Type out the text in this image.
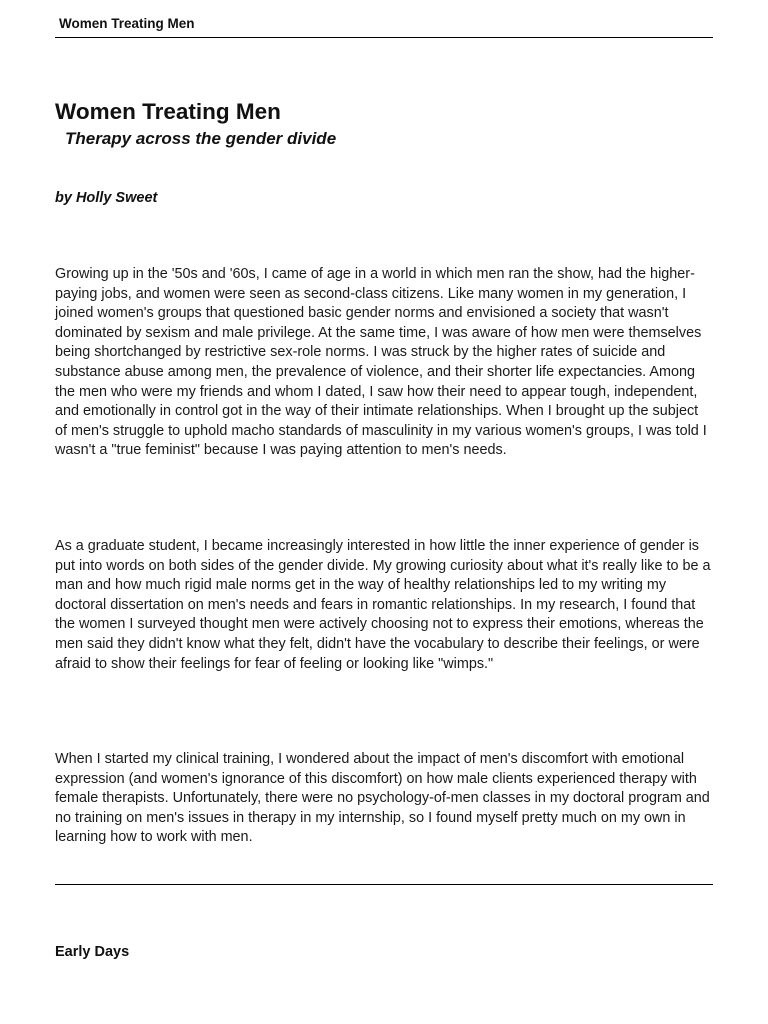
Women Treating Men
Women Treating Men
Therapy across the gender divide

by Holly Sweet

Growing up in the '50s and '60s, I came of age in a world in which men ran the show, had the higher-paying jobs, and women were seen as second-class citizens. Like many women in my generation, I joined women's groups that questioned basic gender norms and envisioned a society that wasn't dominated by sexism and male privilege. At the same time, I was aware of how men were themselves being shortchanged by restrictive sex-role norms. I was struck by the higher rates of suicide and substance abuse among men, the prevalence of violence, and their shorter life expectancies. Among the men who were my friends and whom I dated, I saw how their need to appear tough, independent, and emotionally in control got in the way of their intimate relationships. When I brought up the subject of men's struggle to uphold macho standards of masculinity in my various women's groups, I was told I wasn't a "true feminist" because I was paying attention to men's needs.

As a graduate student, I became increasingly interested in how little the inner experience of gender is put into words on both sides of the gender divide. My growing curiosity about what it's really like to be a man and how much rigid male norms get in the way of healthy relationships led to my writing my doctoral dissertation on men's needs and fears in romantic relationships. In my research, I found that the women I surveyed thought men were actively choosing not to express their emotions, whereas the men said they didn't know what they felt, didn't have the vocabulary to describe their feelings, or were afraid to show their feelings for fear of feeling or looking like "wimps."

When I started my clinical training, I wondered about the impact of men's discomfort with emotional expression (and women's ignorance of this discomfort) on how male clients experienced therapy with female therapists. Unfortunately, there were no psychology-of-men classes in my doctoral program and no training on men's issues in therapy in my internship, so I found myself pretty much on my own in learning how to work with men.

Early Days
